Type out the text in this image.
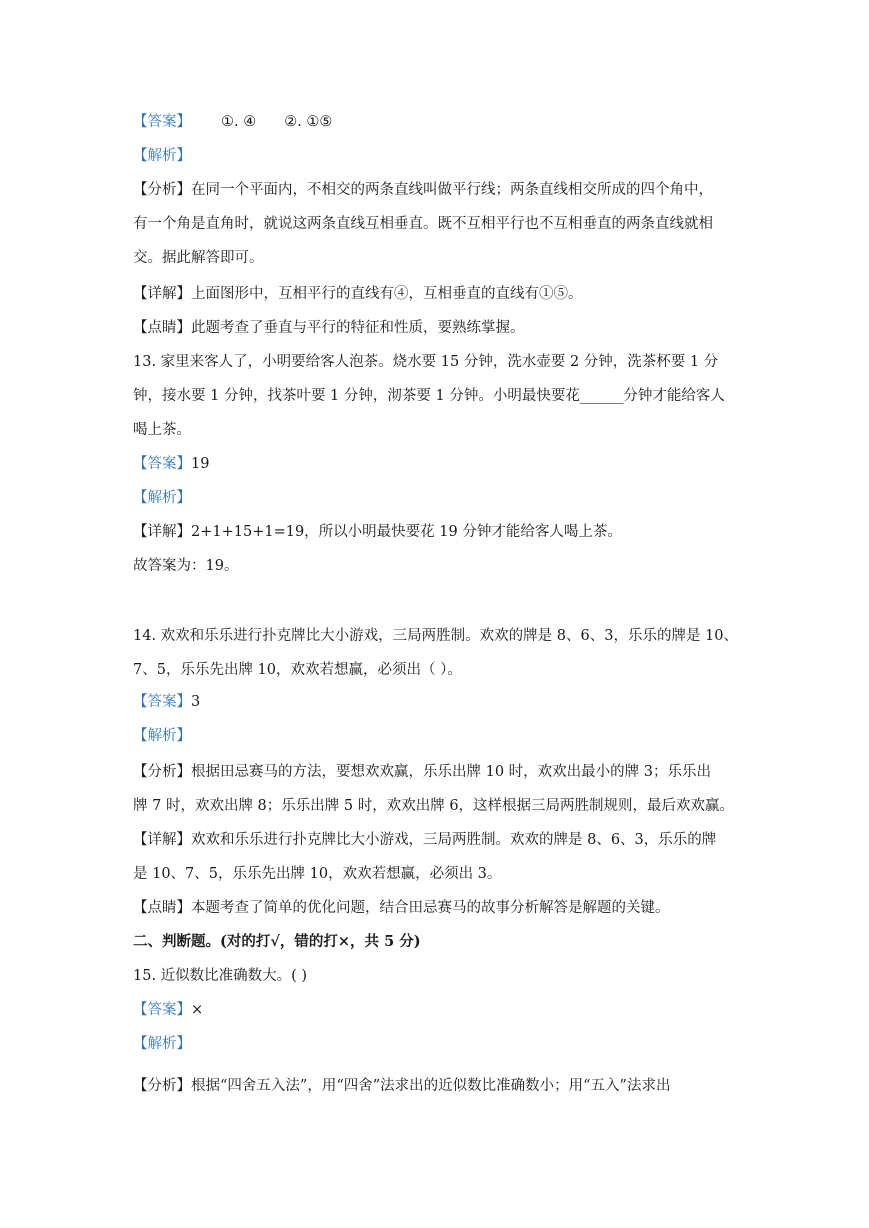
【答案】 ①. ④ ②. ①⑤
【解析】
【分析】在同一个平面内，不相交的两条直线叫做平行线；两条直线相交所成的四个角中，
有一个角是直角时，就说这两条直线互相垂直。既不互相平行也不互相垂直的两条直线就相
交。据此解答即可。
【详解】上面图形中，互相平行的直线有④，互相垂直的直线有①⑤。
【点睛】此题考查了垂直与平行的特征和性质，要熟练掌握。
13. 家里来客人了，小明要给客人泡茶。烧水要 15 分钟，洗水壶要 2 分钟，洗茶杯要 1 分
钟，接水要 1 分钟，找茶叶要 1 分钟，沏茶要 1 分钟。小明最快要花______分钟才能给客人
喝上茶。
【答案】19
【解析】
【详解】2+1+15+1=19，所以小明最快要花 19 分钟才能给客人喝上茶。
故答案为：19。
14. 欢欢和乐乐进行扑克牌比大小游戏，三局两胜制。欢欢的牌是 8、6、3，乐乐的牌是 10、
7、5，乐乐先出牌 10，欢欢若想赢，必须出（ ）。
【答案】3
【解析】
【分析】根据田忌赛马的方法，要想欢欢赢，乐乐出牌 10 时，欢欢出最小的牌 3；乐乐出
牌 7 时，欢欢出牌 8；乐乐出牌 5 时，欢欢出牌 6，这样根据三局两胜制规则，最后欢欢赢。
【详解】欢欢和乐乐进行扑克牌比大小游戏，三局两胜制。欢欢的牌是 8、6、3，乐乐的牌
是 10、7、5，乐乐先出牌 10，欢欢若想赢，必须出 3。
【点睛】本题考查了简单的优化问题，结合田忌赛马的故事分析解答是解题的关键。
二、判断题。(对的打√，错的打×，共 5 分)
15. 近似数比准确数大。( )
【答案】×
【解析】
【分析】根据“四舍五入法”，用“四舍”法求出的近似数比准确数小；用“五入”法求出
